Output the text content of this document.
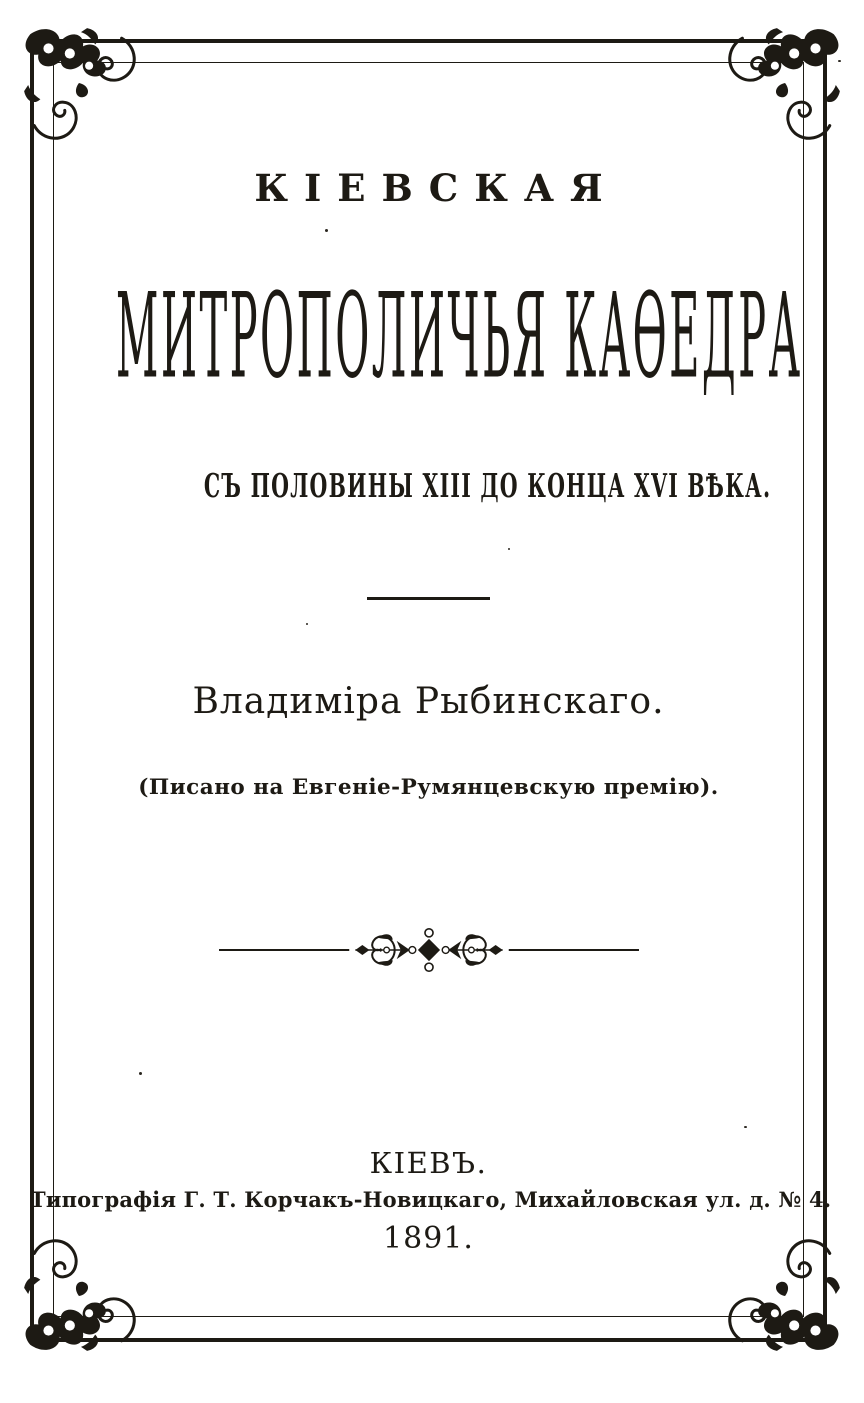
КІЕВСКАЯ
МИТРОПОЛИЧЬЯ КАѲЕДРА
СЪ ПОЛОВИНЫ XIII ДО КОНЦА XVI ВѢКА.
Владиміра Рыбинскаго.
(Писано на Евгеніе-Румянцевскую премію).
КІЕВЪ.
Типографія Г. Т. Корчакъ-Новицкаго, Михайловская ул. д. № 4.
1891.
